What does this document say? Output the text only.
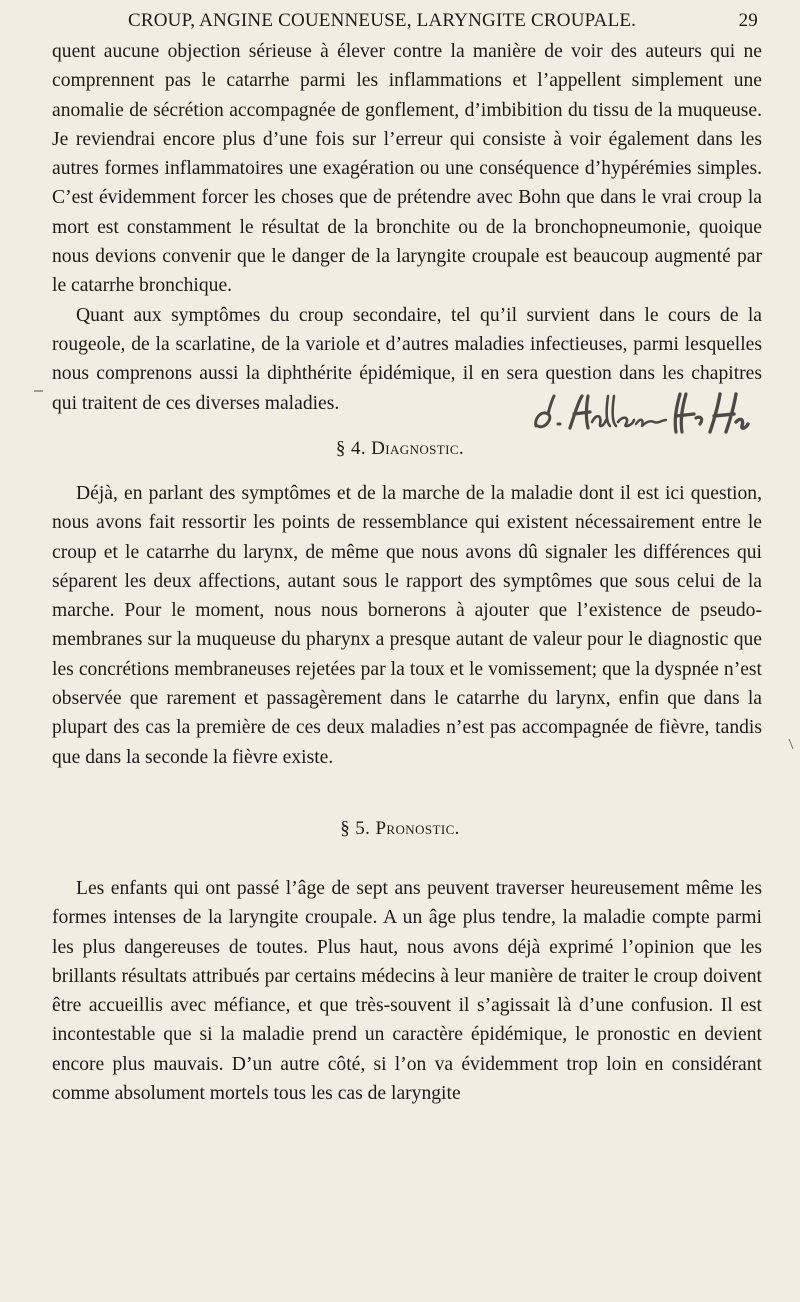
CROUP, ANGINE COUENNEUSE, LARYNGITE CROUPALE.	29

quent aucune objection sérieuse à élever contre la manière de voir des auteurs qui ne comprennent pas le catarrhe parmi les inflammations et l’appellent simplement une anomalie de sécrétion accompagnée de gonflement, d’imbibition du tissu de la muqueuse. Je reviendrai encore plus d’une fois sur l’erreur qui consiste à voir également dans les autres formes inflammatoires une exagération ou une conséquence d’hypérémies simples. C’est évidemment forcer les choses que de prétendre avec Bohn que dans le vrai croup la mort est constamment le résultat de la bronchite ou de la bronchopneumonie, quoique nous devions convenir que le danger de la laryngite croupale est beaucoup augmenté par le catarrhe bronchique.

Quant aux symptômes du croup secondaire, tel qu’il survient dans le cours de la rougeole, de la scarlatine, de la variole et d’autres maladies infectieuses, parmi lesquelles nous comprenons aussi la diphthérite épidémique, il en sera question dans les chapitres qui traitent de ces diverses maladies.

§ 4. Diagnostic.

Déjà, en parlant des symptômes et de la marche de la maladie dont il est ici question, nous avons fait ressortir les points de ressemblance qui existent nécessairement entre le croup et le catarrhe du larynx, de même que nous avons dû signaler les différences qui séparent les deux affections, autant sous le rapport des symptômes que sous celui de la marche. Pour le moment, nous nous bornerons à ajouter que l’existence de pseudo-membranes sur la muqueuse du pharynx a presque autant de valeur pour le diagnostic que les concrétions membraneuses rejetées par la toux et le vomissement; que la dyspnée n’est observée que rarement et passagèrement dans le catarrhe du larynx, enfin que dans la plupart des cas la première de ces deux maladies n’est pas accompagnée de fièvre, tandis que dans la seconde la fièvre existe.

§ 5. Pronostic.

Les enfants qui ont passé l’âge de sept ans peuvent traverser heureusement même les formes intenses de la laryngite croupale. A un âge plus tendre, la maladie compte parmi les plus dangereuses de toutes. Plus haut, nous avons déjà exprimé l’opinion que les brillants résultats attribués par certains médecins à leur manière de traiter le croup doivent être accueillis avec méfiance, et que très-souvent il s’agissait là d’une confusion. Il est incontestable que si la maladie prend un caractère épidémique, le pronostic en devient encore plus mauvais. D’un autre côté, si l’on va évidemment trop loin en considérant comme absolument mortels tous les cas de laryngite
